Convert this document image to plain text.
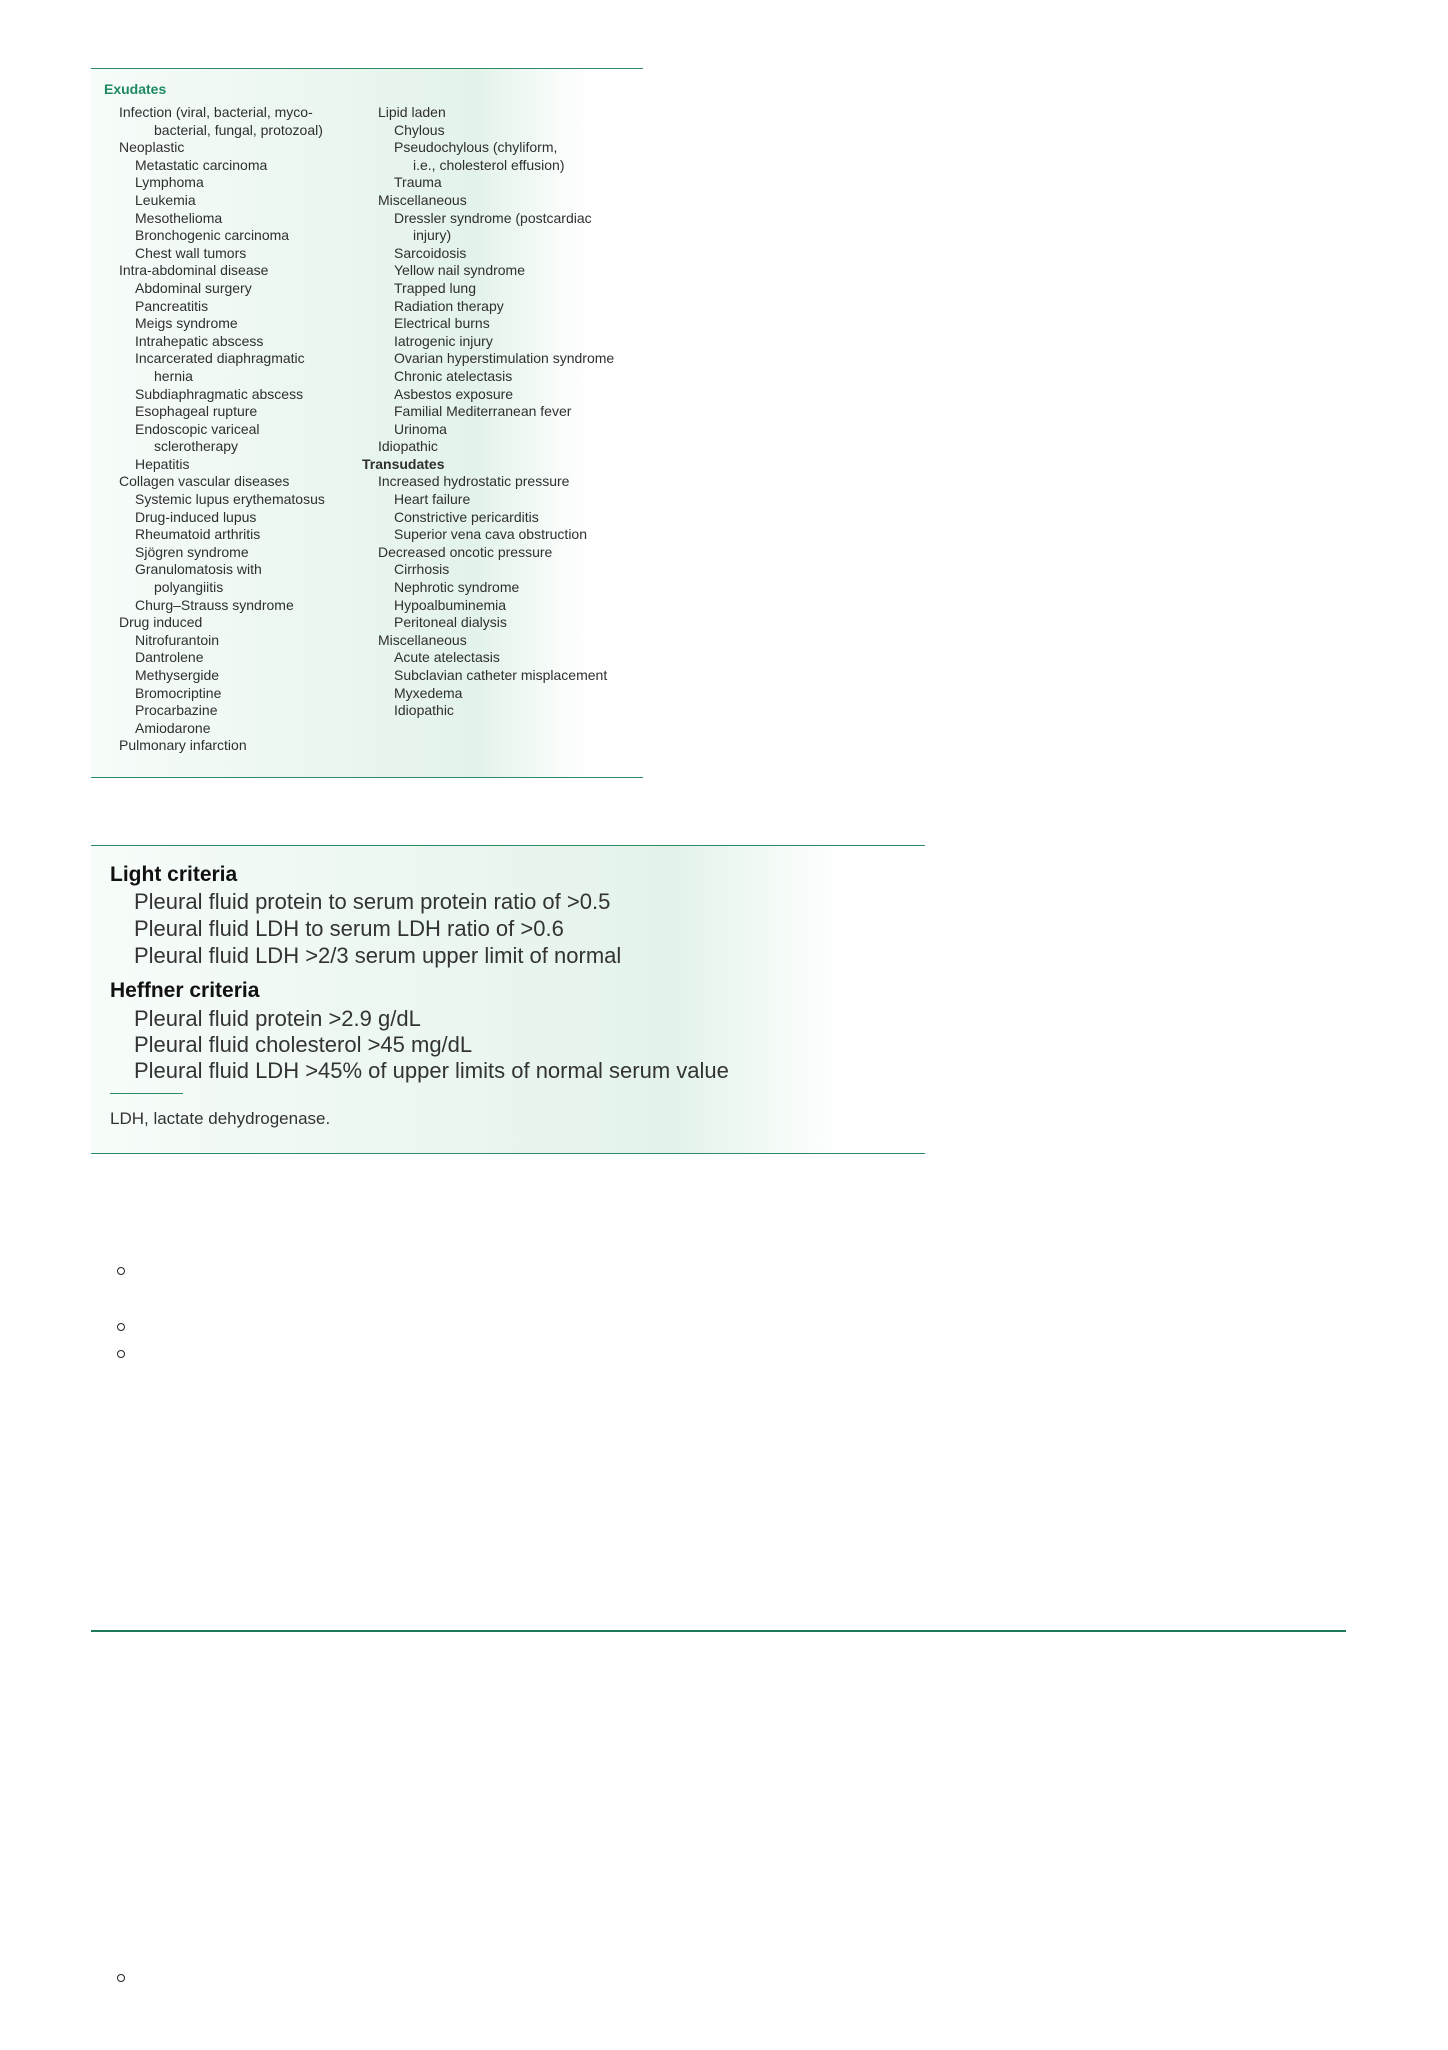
Exudates
Infection (viral, bacterial, myco-
bacterial, fungal, protozoal)
Neoplastic
Metastatic carcinoma
Lymphoma
Leukemia
Mesothelioma
Bronchogenic carcinoma
Chest wall tumors
Intra-abdominal disease
Abdominal surgery
Pancreatitis
Meigs syndrome
Intrahepatic abscess
Incarcerated diaphragmatic
hernia
Subdiaphragmatic abscess
Esophageal rupture
Endoscopic variceal
sclerotherapy
Hepatitis
Collagen vascular diseases
Systemic lupus erythematosus
Drug-induced lupus
Rheumatoid arthritis
Sjögren syndrome
Granulomatosis with
polyangiitis
Churg–Strauss syndrome
Drug induced
Nitrofurantoin
Dantrolene
Methysergide
Bromocriptine
Procarbazine
Amiodarone
Pulmonary infarction
Lipid laden
Chylous
Pseudochylous (chyliform,
i.e., cholesterol effusion)
Trauma
Miscellaneous
Dressler syndrome (postcardiac
injury)
Sarcoidosis
Yellow nail syndrome
Trapped lung
Radiation therapy
Electrical burns
Iatrogenic injury
Ovarian hyperstimulation syndrome
Chronic atelectasis
Asbestos exposure
Familial Mediterranean fever
Urinoma
Idiopathic
Transudates
Increased hydrostatic pressure
Heart failure
Constrictive pericarditis
Superior vena cava obstruction
Decreased oncotic pressure
Cirrhosis
Nephrotic syndrome
Hypoalbuminemia
Peritoneal dialysis
Miscellaneous
Acute atelectasis
Subclavian catheter misplacement
Myxedema
Idiopathic
Light criteria
Pleural fluid protein to serum protein ratio of >0.5
Pleural fluid LDH to serum LDH ratio of >0.6
Pleural fluid LDH >2/3 serum upper limit of normal
Heffner criteria
Pleural fluid protein >2.9 g/dL
Pleural fluid cholesterol >45 mg/dL
Pleural fluid LDH >45% of upper limits of normal serum value
LDH, lactate dehydrogenase.
